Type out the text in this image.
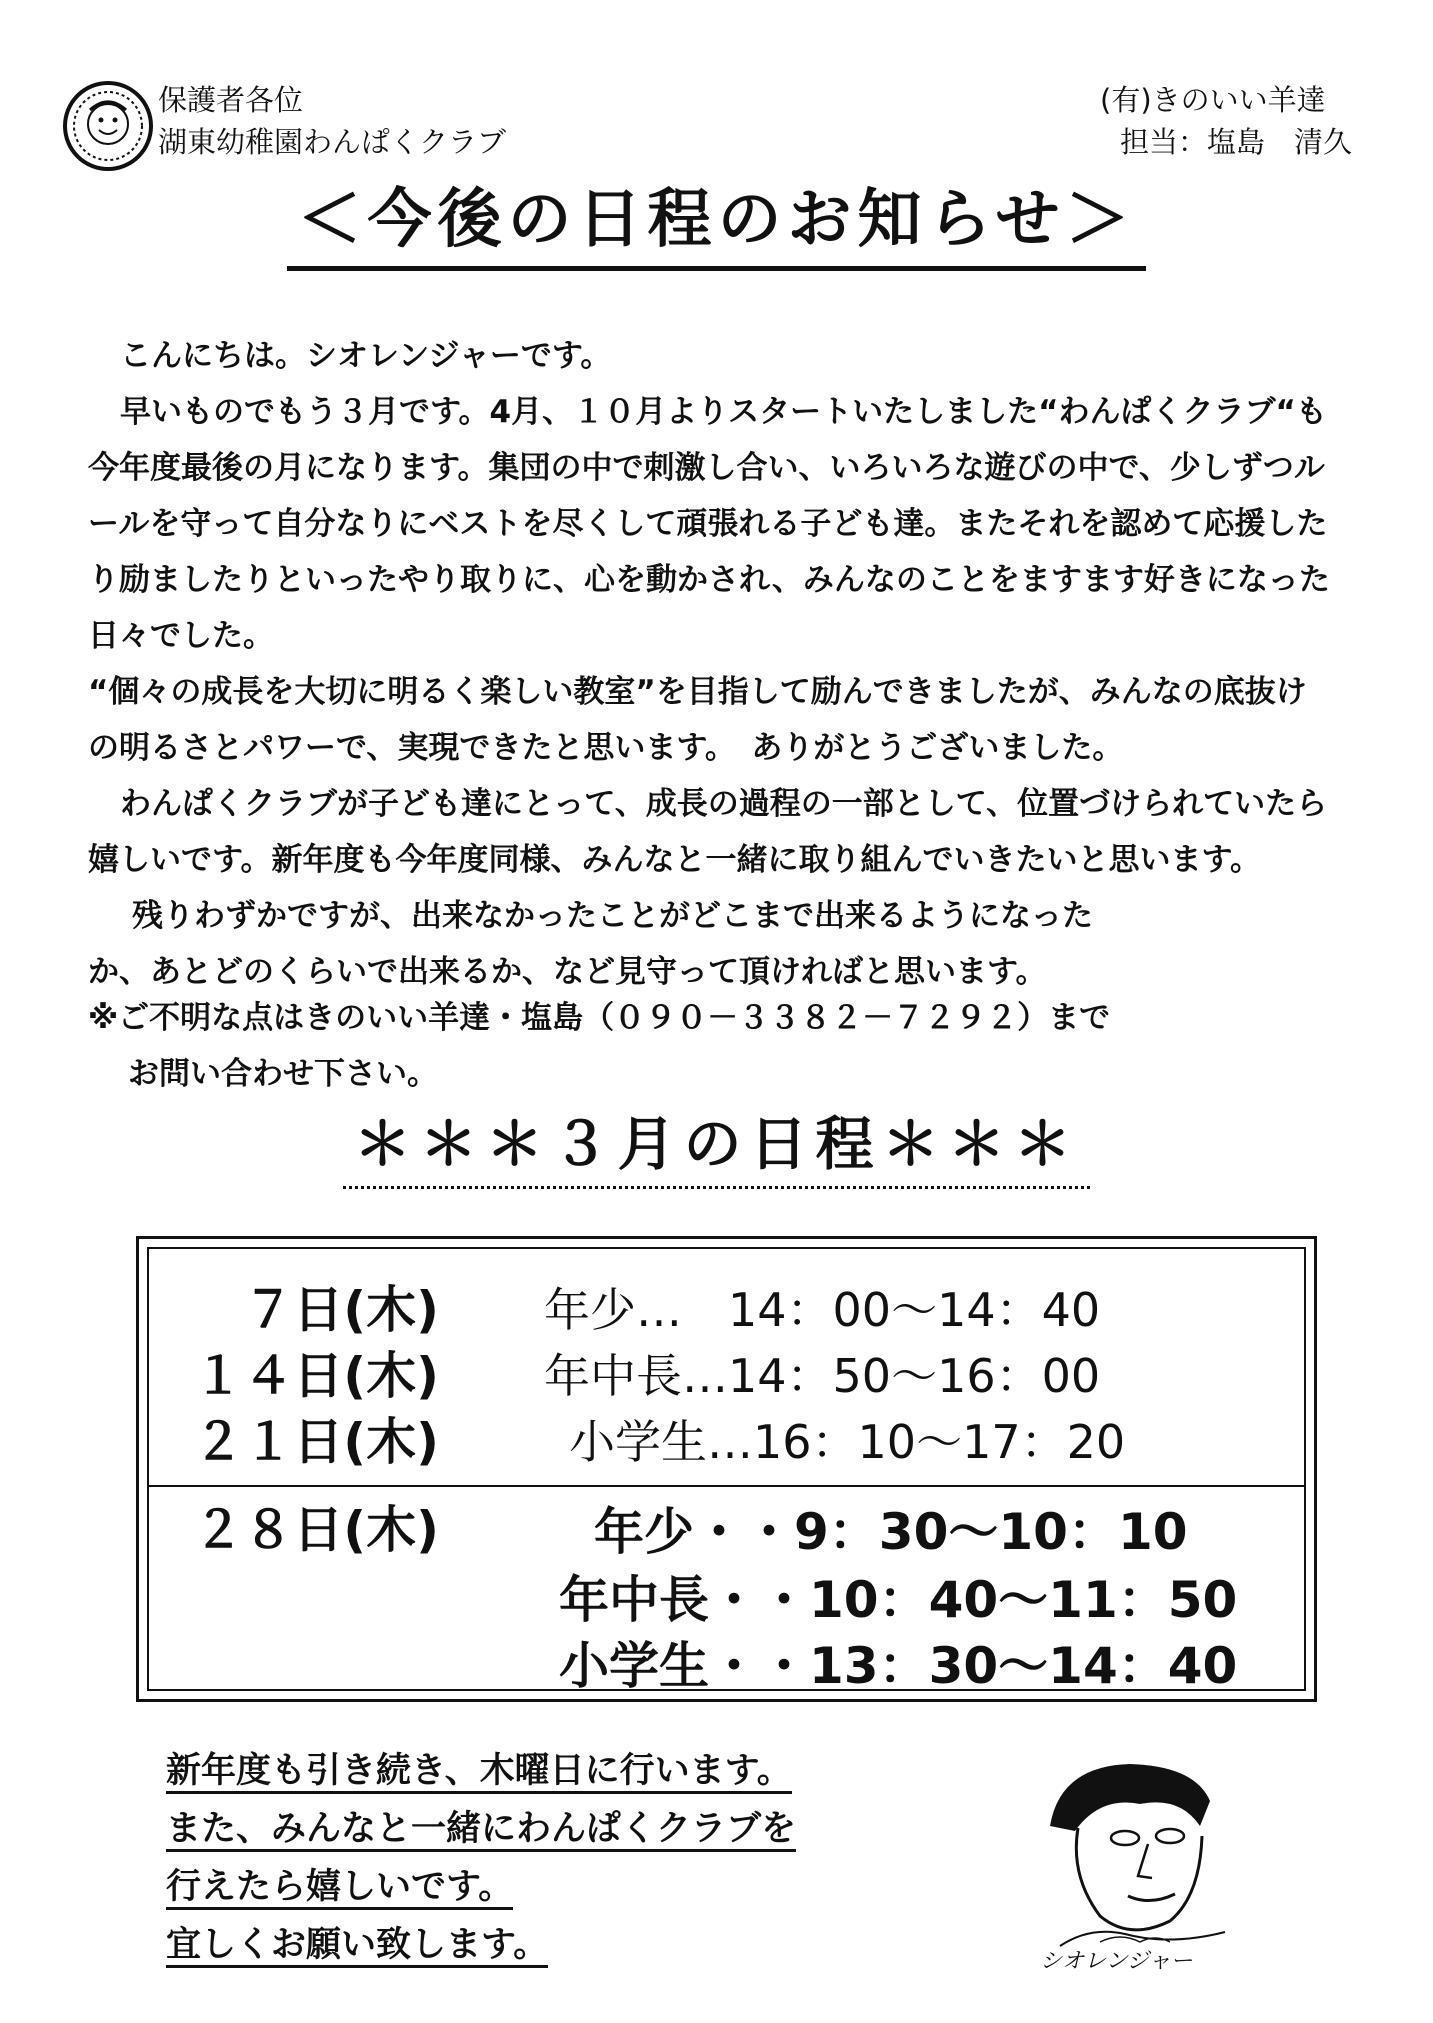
保護者各位
湖東幼稚園わんぱくクラブ
(有)きのいい羊達
担当：塩島　清久
＜今後の日程のお知らせ＞

こんにちは。シオレンジャーです。

早いものでもう３月です。4月、１０月よりスタートいたしました“わんぱくクラブ“も

今年度最後の月になります。集団の中で刺激し合い、いろいろな遊びの中で、少しずつル

ールを守って自分なりにベストを尽くして頑張れる子ども達。またそれを認めて応援した

り励ましたりといったやり取りに、心を動かされ、みんなのことをますます好きになった

日々でした。

“個々の成長を大切に明るく楽しい教室”を目指して励んできましたが、みんなの底抜け

の明るさとパワーで、実現できたと思います。　ありがとうございました。

わんぱくクラブが子ども達にとって、成長の過程の一部として、位置づけられていたら

嬉しいです。新年度も今年度同様、みんなと一緒に取り組んでいきたいと思います。

残りわずかですが、出来なかったことがどこまで出来るようになった

か、あとどのくらいで出来るか、など見守って頂ければと思います。

※ご不明な点はきのいい羊達・塩島（０９０－３３８２－７２９２）まで

お問い合わせ下さい。

＊＊＊３月の日程＊＊＊
７日(木)
１４日(木)
２１日(木)
年少…　14：00～14：40
年中長…14：50～16：00
小学生…16：10～17：20
２８日(木)	年少・・9：30～10：10
年中長・・10：40～11：50
小学生・・13：30～14：40

新年度も引き続き、木曜日に行います。

また、みんなと一緒にわんぱくクラブを

行えたら嬉しいです。

宜しくお願い致します。	シオレンジャー
